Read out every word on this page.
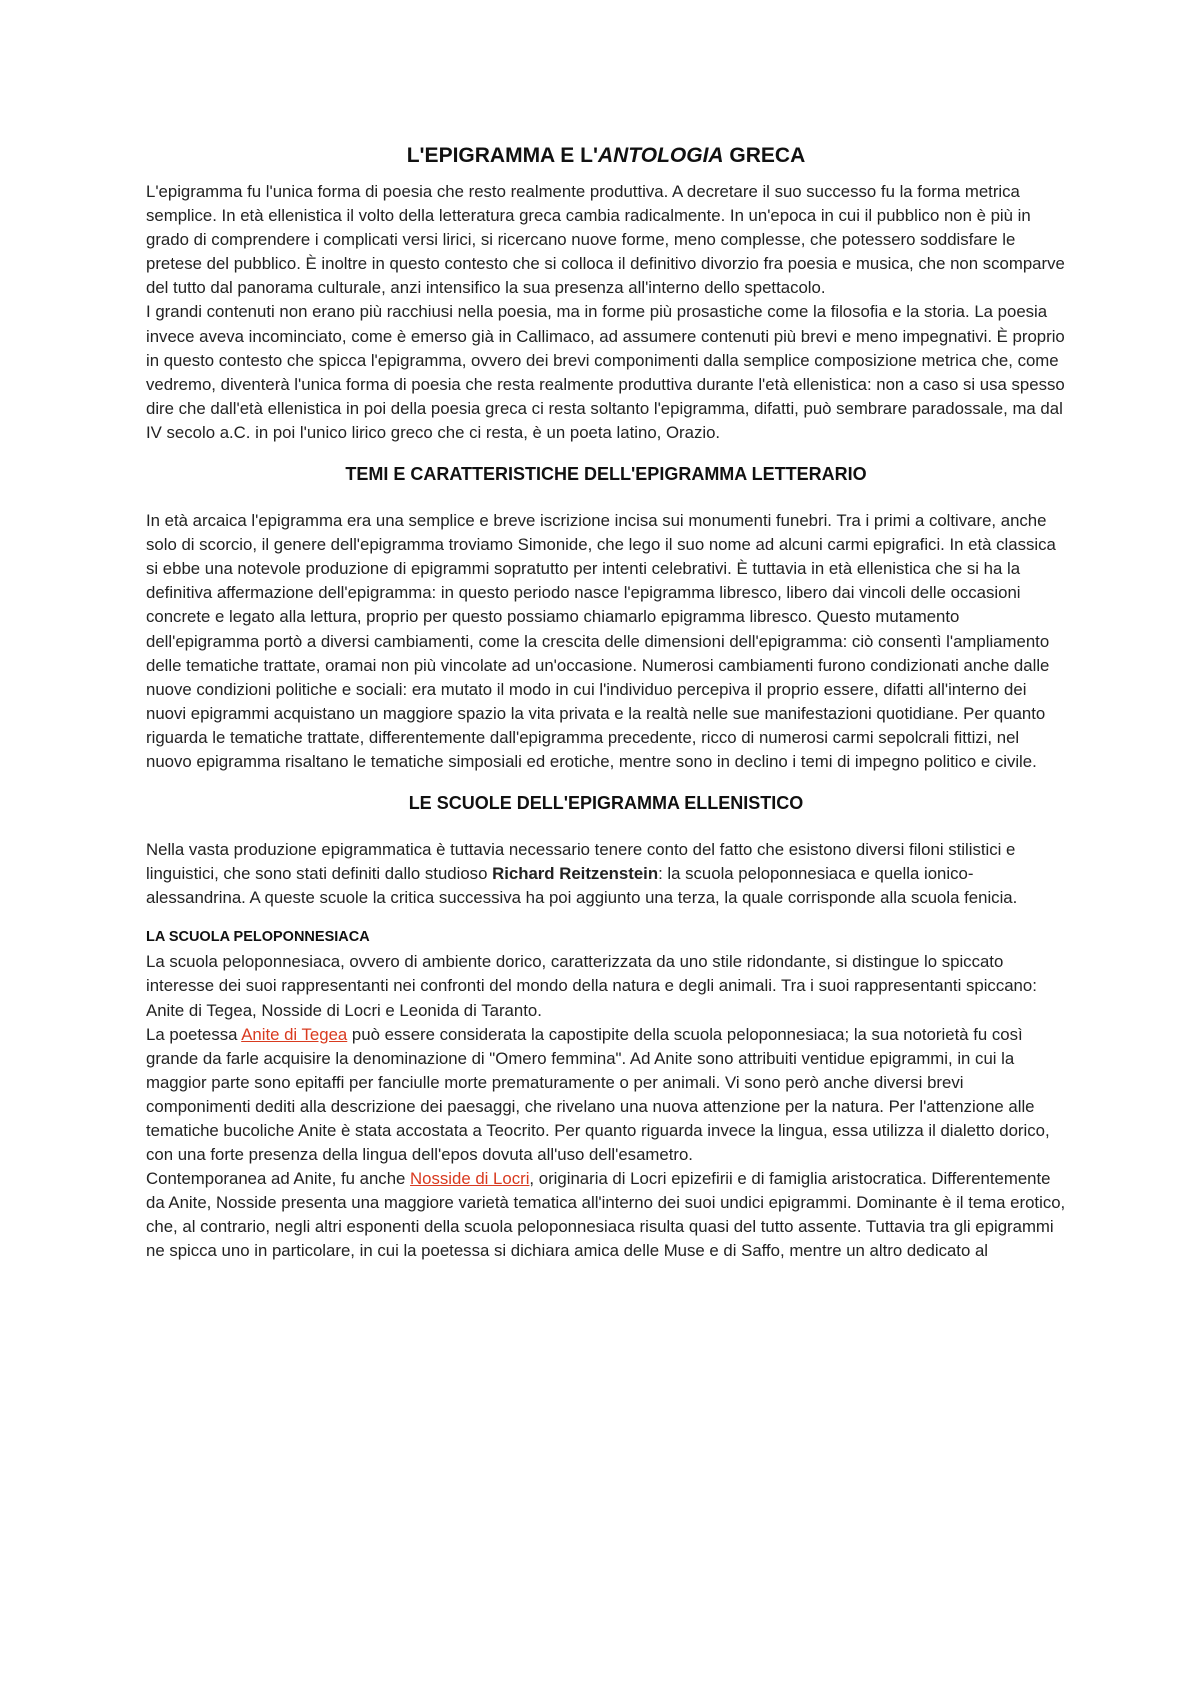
L'EPIGRAMMA E L'ANTOLOGIA GRECA

L'epigramma fu l'unica forma di poesia che resto realmente produttiva. A decretare il suo successo fu la forma metrica semplice. In età ellenistica il volto della letteratura greca cambia radicalmente. In un'epoca in cui il pubblico non è più in grado di comprendere i complicati versi lirici, si ricercano nuove forme, meno complesse, che potessero soddisfare le pretese del pubblico. È inoltre in questo contesto che si colloca il definitivo divorzio fra poesia e musica, che non scomparve del tutto dal panorama culturale, anzi intensifico la sua presenza all'interno dello spettacolo.

I grandi contenuti non erano più racchiusi nella poesia, ma in forme più prosastiche come la filosofia e la storia. La poesia invece aveva incominciato, come è emerso già in Callimaco, ad assumere contenuti più brevi e meno impegnativi. È proprio in questo contesto che spicca l'epigramma, ovvero dei brevi componimenti dalla semplice composizione metrica che, come vedremo, diventerà l'unica forma di poesia che resta realmente produttiva durante l'età ellenistica: non a caso si usa spesso dire che dall'età ellenistica in poi della poesia greca ci resta soltanto l'epigramma, difatti, può sembrare paradossale, ma dal IV secolo a.C. in poi l'unico lirico greco che ci resta, è un poeta latino, Orazio.

TEMI E CARATTERISTICHE DELL'EPIGRAMMA LETTERARIO

In età arcaica l'epigramma era una semplice e breve iscrizione incisa sui monumenti funebri. Tra i primi a coltivare, anche solo di scorcio, il genere dell'epigramma troviamo Simonide, che lego il suo nome ad alcuni carmi epigrafici. In età classica si ebbe una notevole produzione di epigrammi sopratutto per intenti celebrativi. È tuttavia in età ellenistica che si ha la definitiva affermazione dell'epigramma: in questo periodo nasce l'epigramma libresco, libero dai vincoli delle occasioni concrete e legato alla lettura, proprio per questo possiamo chiamarlo epigramma libresco. Questo mutamento dell'epigramma portò a diversi cambiamenti, come la crescita delle dimensioni dell'epigramma: ciò consentì l'ampliamento delle tematiche trattate, oramai non più vincolate ad un'occasione. Numerosi cambiamenti furono condizionati anche dalle nuove condizioni politiche e sociali: era mutato il modo in cui l'individuo percepiva il proprio essere, difatti all'interno dei nuovi epigrammi acquistano un maggiore spazio la vita privata e la realtà nelle sue manifestazioni quotidiane. Per quanto riguarda le tematiche trattate, differentemente dall'epigramma precedente, ricco di numerosi carmi sepolcrali fittizi, nel nuovo epigramma risaltano le tematiche simposiali ed erotiche, mentre sono in declino i temi di impegno politico e civile.

LE SCUOLE DELL'EPIGRAMMA ELLENISTICO

Nella vasta produzione epigrammatica è tuttavia necessario tenere conto del fatto che esistono diversi filoni stilistici e linguistici, che sono stati definiti dallo studioso Richard Reitzenstein: la scuola peloponnesiaca e quella ionico-alessandrina. A queste scuole la critica successiva ha poi aggiunto una terza, la quale corrisponde alla scuola fenicia.

LA SCUOLA PELOPONNESIACA

La scuola peloponnesiaca, ovvero di ambiente dorico, caratterizzata da uno stile ridondante, si distingue lo spiccato interesse dei suoi rappresentanti nei confronti del mondo della natura e degli animali. Tra i suoi rappresentanti spiccano: Anite di Tegea, Nosside di Locri e Leonida di Taranto.

La poetessa Anite di Tegea può essere considerata la capostipite della scuola peloponnesiaca; la sua notorietà fu così grande da farle acquisire la denominazione di "Omero femmina". Ad Anite sono attribuiti ventidue epigrammi, in cui la maggior parte sono epitaffi per fanciulle morte prematuramente o per animali. Vi sono però anche diversi brevi componimenti dediti alla descrizione dei paesaggi, che rivelano una nuova attenzione per la natura. Per l'attenzione alle tematiche bucoliche Anite è stata accostata a Teocrito. Per quanto riguarda invece la lingua, essa utilizza il dialetto dorico, con una forte presenza della lingua dell'epos dovuta all'uso dell'esametro.

Contemporanea ad Anite, fu anche Nosside di Locri, originaria di Locri epizefirii e di famiglia aristocratica. Differentemente da Anite, Nosside presenta una maggiore varietà tematica all'interno dei suoi undici epigrammi. Dominante è il tema erotico, che, al contrario, negli altri esponenti della scuola peloponnesiaca risulta quasi del tutto assente. Tuttavia tra gli epigrammi ne spicca uno in particolare, in cui la poetessa si dichiara amica delle Muse e di Saffo, mentre un altro dedicato al
